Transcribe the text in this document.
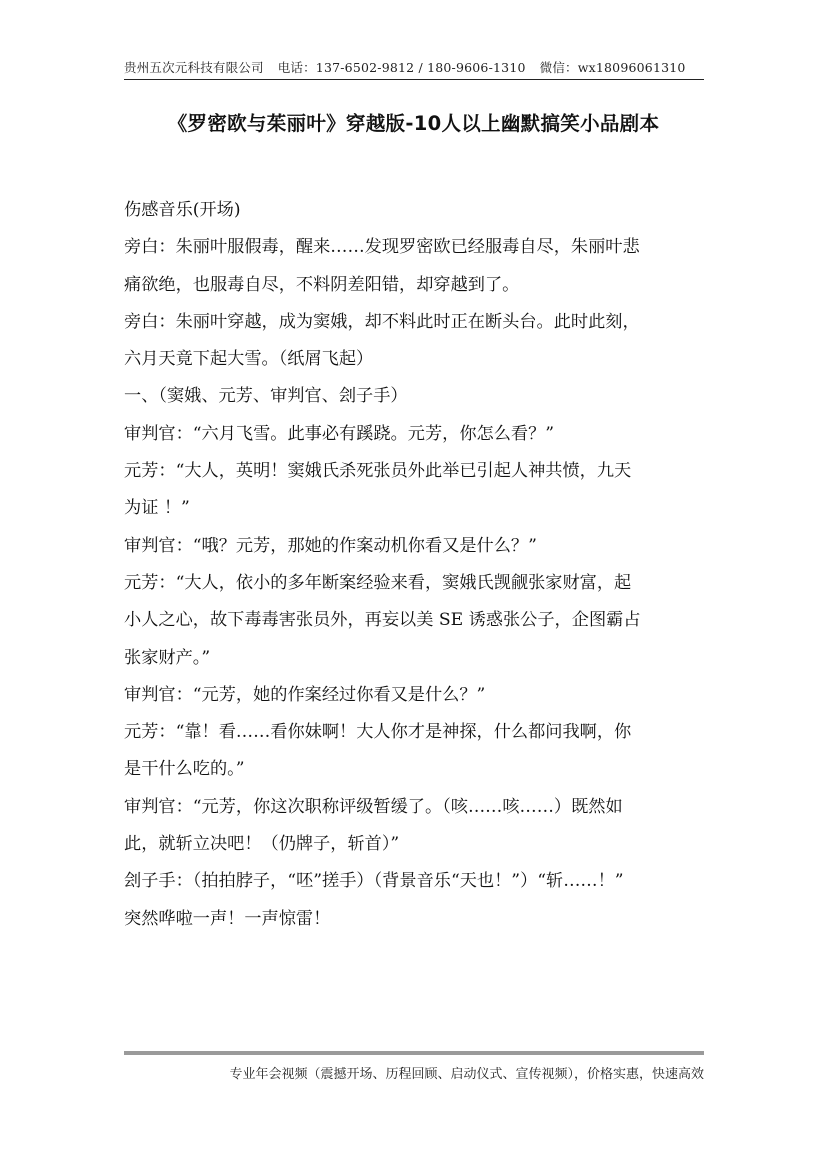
贵州五次元科技有限公司 电话：137-6502-9812 / 180-9606-1310 微信：wx18096061310
《罗密欧与茱丽叶》穿越版-10人以上幽默搞笑小品剧本

伤感音乐(开场)

旁白：朱丽叶服假毒，醒来……发现罗密欧已经服毒自尽，朱丽叶悲

痛欲绝，也服毒自尽，不料阴差阳错，却穿越到了。

旁白：朱丽叶穿越，成为窦娥，却不料此时正在断头台。此时此刻，

六月天竟下起大雪。（纸屑飞起）

一、（窦娥、元芳、审判官、刽子手）

审判官：“六月飞雪。此事必有蹊跷。元芳，你怎么看？”

元芳：“大人，英明！窦娥氏杀死张员外此举已引起人神共愤，九天

为证 ！”

审判官：“哦？元芳，那她的作案动机你看又是什么？”

元芳：“大人，依小的多年断案经验来看，窦娥氏觊觎张家财富，起

小人之心，故下毒毒害张员外，再妄以美 SE 诱惑张公子，企图霸占

张家财产。”

审判官：“元芳，她的作案经过你看又是什么？”

元芳：“靠！看……看你妹啊！大人你才是神探，什么都问我啊，你

是干什么吃的。”

审判官：“元芳，你这次职称评级暂缓了。（咳……咳……）既然如

此，就斩立决吧！（仍牌子，斩首）”

刽子手：（拍拍脖子，“呸”搓手）（背景音乐“天也！”）“斩……！”

突然哗啦一声！一声惊雷！

专业年会视频（震撼开场、历程回顾、启动仪式、宣传视频），价格实惠，快速高效
